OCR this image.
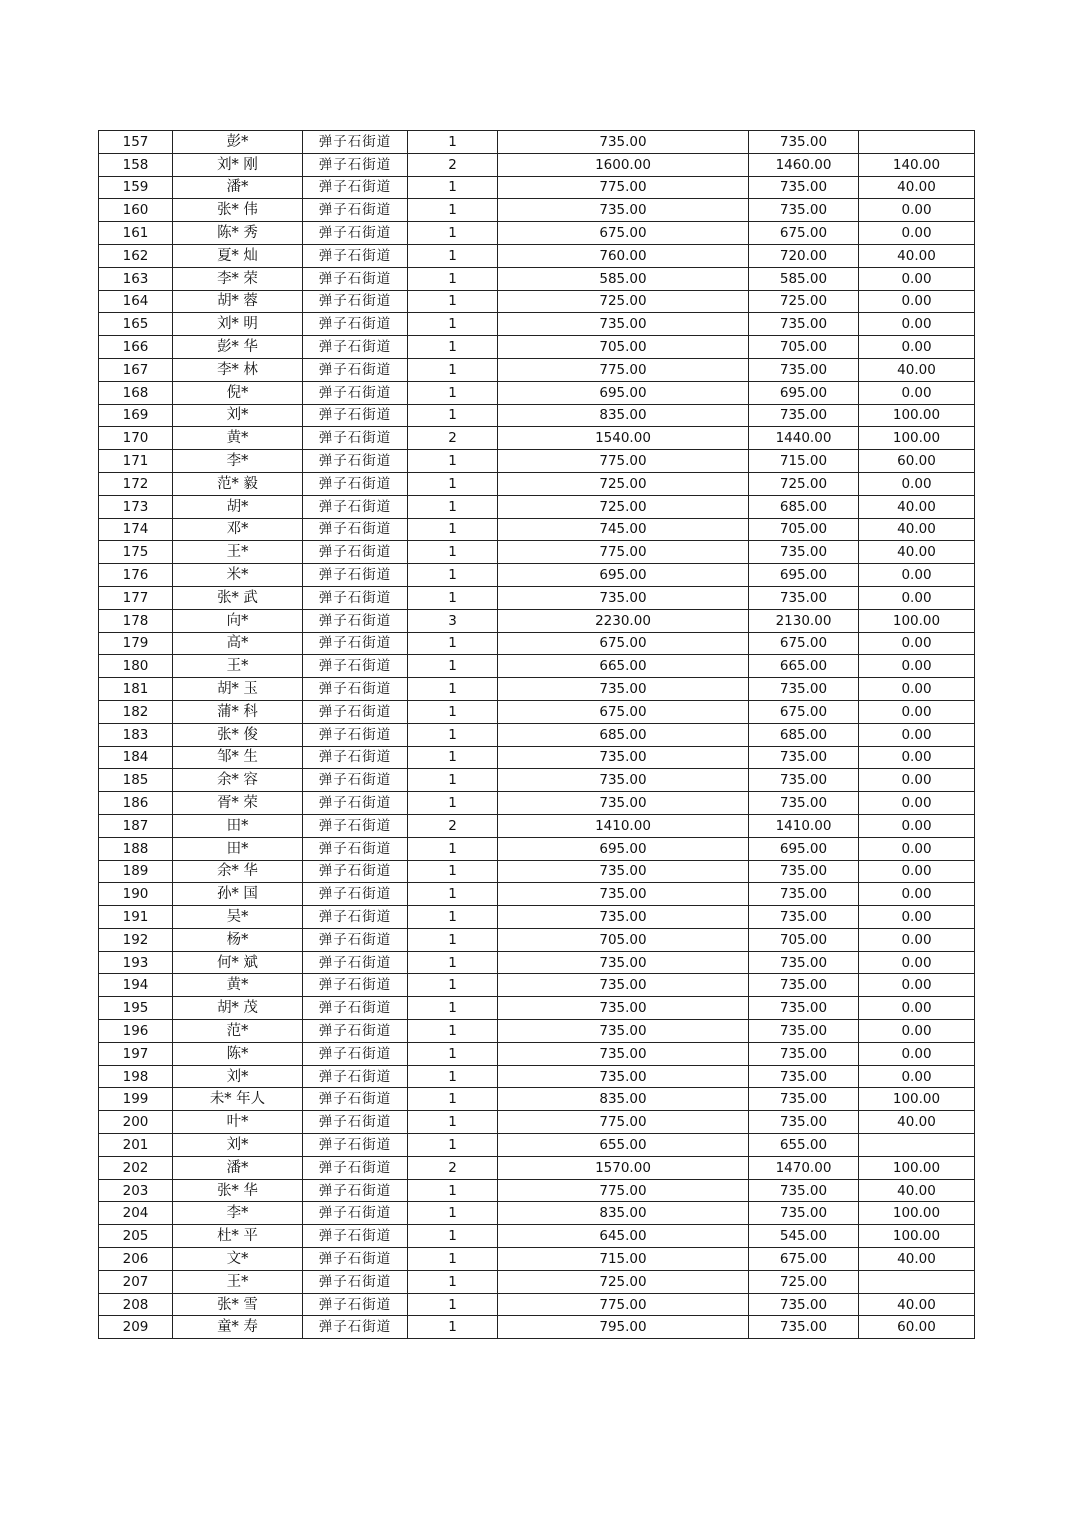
157	彭*	弹子石街道	1	735.00	735.00	
158	刘* 刚	弹子石街道	2	1600.00	1460.00	140.00
159	潘*	弹子石街道	1	775.00	735.00	40.00
160	张* 伟	弹子石街道	1	735.00	735.00	0.00
161	陈* 秀	弹子石街道	1	675.00	675.00	0.00
162	夏* 灿	弹子石街道	1	760.00	720.00	40.00
163	李* 荣	弹子石街道	1	585.00	585.00	0.00
164	胡* 蓉	弹子石街道	1	725.00	725.00	0.00
165	刘* 明	弹子石街道	1	735.00	735.00	0.00
166	彭* 华	弹子石街道	1	705.00	705.00	0.00
167	李* 林	弹子石街道	1	775.00	735.00	40.00
168	倪*	弹子石街道	1	695.00	695.00	0.00
169	刘*	弹子石街道	1	835.00	735.00	100.00
170	黄*	弹子石街道	2	1540.00	1440.00	100.00
171	李*	弹子石街道	1	775.00	715.00	60.00
172	范* 毅	弹子石街道	1	725.00	725.00	0.00
173	胡*	弹子石街道	1	725.00	685.00	40.00
174	邓*	弹子石街道	1	745.00	705.00	40.00
175	王*	弹子石街道	1	775.00	735.00	40.00
176	米*	弹子石街道	1	695.00	695.00	0.00
177	张* 武	弹子石街道	1	735.00	735.00	0.00
178	向*	弹子石街道	3	2230.00	2130.00	100.00
179	高*	弹子石街道	1	675.00	675.00	0.00
180	王*	弹子石街道	1	665.00	665.00	0.00
181	胡* 玉	弹子石街道	1	735.00	735.00	0.00
182	蒲* 科	弹子石街道	1	675.00	675.00	0.00
183	张* 俊	弹子石街道	1	685.00	685.00	0.00
184	邹* 生	弹子石街道	1	735.00	735.00	0.00
185	余* 容	弹子石街道	1	735.00	735.00	0.00
186	胥* 荣	弹子石街道	1	735.00	735.00	0.00
187	田*	弹子石街道	2	1410.00	1410.00	0.00
188	田*	弹子石街道	1	695.00	695.00	0.00
189	余* 华	弹子石街道	1	735.00	735.00	0.00
190	孙* 国	弹子石街道	1	735.00	735.00	0.00
191	吴*	弹子石街道	1	735.00	735.00	0.00
192	杨*	弹子石街道	1	705.00	705.00	0.00
193	何* 斌	弹子石街道	1	735.00	735.00	0.00
194	黄*	弹子石街道	1	735.00	735.00	0.00
195	胡* 茂	弹子石街道	1	735.00	735.00	0.00
196	范*	弹子石街道	1	735.00	735.00	0.00
197	陈*	弹子石街道	1	735.00	735.00	0.00
198	刘*	弹子石街道	1	735.00	735.00	0.00
199	未* 年人	弹子石街道	1	835.00	735.00	100.00
200	叶*	弹子石街道	1	775.00	735.00	40.00
201	刘*	弹子石街道	1	655.00	655.00	
202	潘*	弹子石街道	2	1570.00	1470.00	100.00
203	张* 华	弹子石街道	1	775.00	735.00	40.00
204	李*	弹子石街道	1	835.00	735.00	100.00
205	杜* 平	弹子石街道	1	645.00	545.00	100.00
206	文*	弹子石街道	1	715.00	675.00	40.00
207	王*	弹子石街道	1	725.00	725.00	
208	张* 雪	弹子石街道	1	775.00	735.00	40.00
209	童* 寿	弹子石街道	1	795.00	735.00	60.00
